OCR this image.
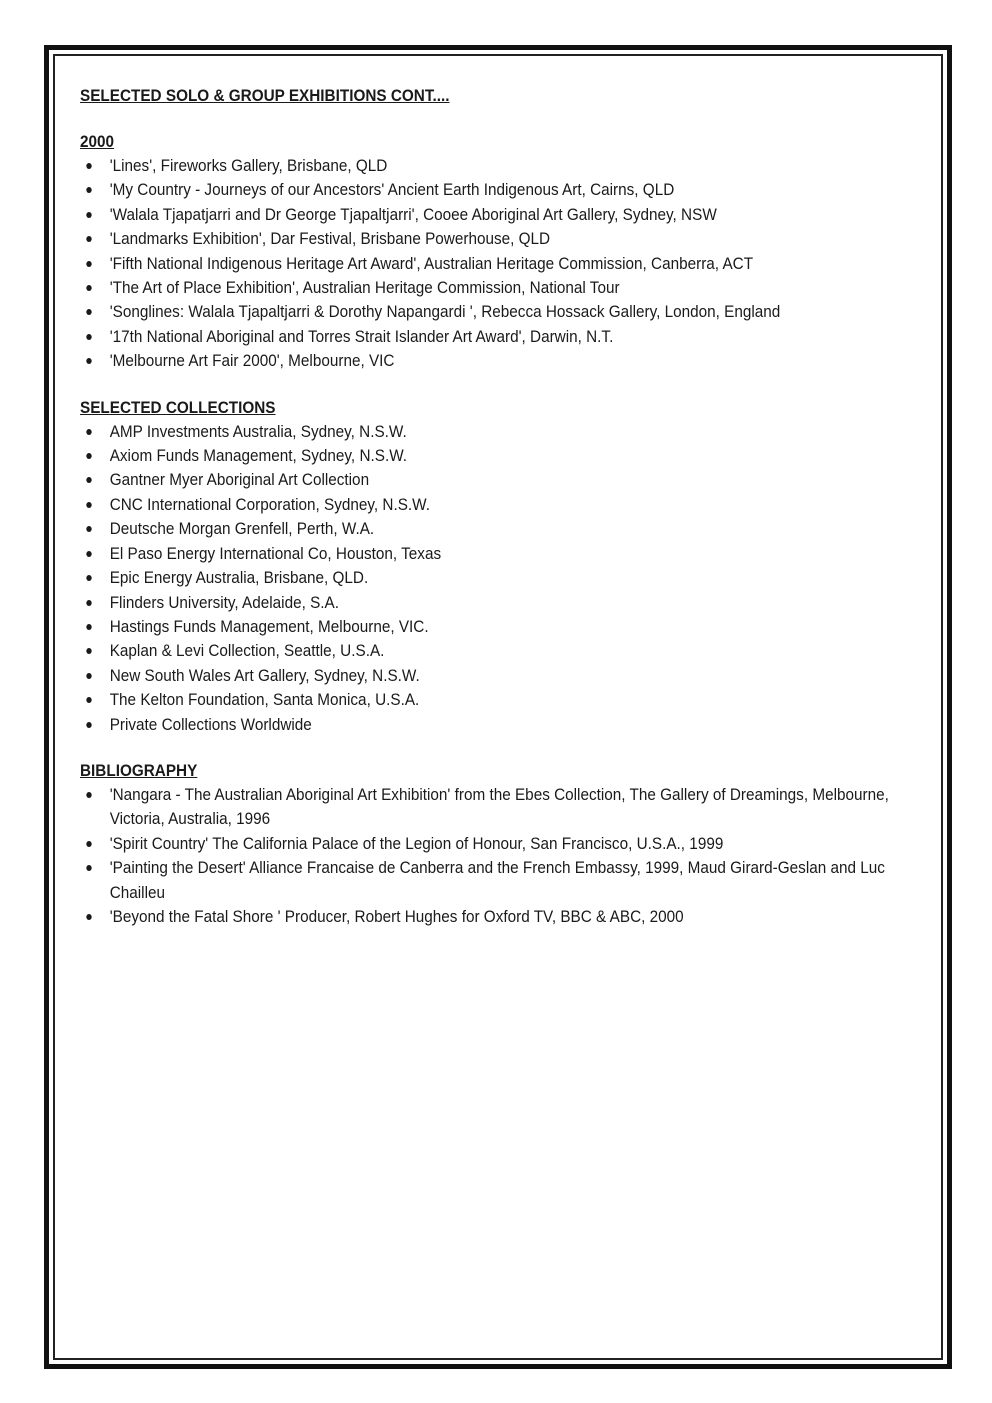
SELECTED SOLO & GROUP EXHIBITIONS CONT....
2000
'Lines', Fireworks Gallery, Brisbane, QLD
'My Country - Journeys of our Ancestors' Ancient Earth Indigenous Art, Cairns, QLD
'Walala Tjapatjarri and Dr George Tjapaltjarri', Cooee Aboriginal Art Gallery, Sydney, NSW
'Landmarks Exhibition', Dar Festival, Brisbane Powerhouse, QLD
'Fifth National Indigenous Heritage Art Award', Australian Heritage Commission, Canberra, ACT
'The Art of Place Exhibition', Australian Heritage Commission, National Tour
'Songlines: Walala Tjapaltjarri & Dorothy Napangardi ', Rebecca Hossack Gallery, London, England
'17th National Aboriginal and Torres Strait Islander Art Award', Darwin, N.T.
'Melbourne Art Fair 2000', Melbourne, VIC
SELECTED COLLECTIONS
AMP Investments Australia, Sydney, N.S.W.
Axiom Funds Management, Sydney, N.S.W.
Gantner Myer Aboriginal Art Collection
CNC International Corporation, Sydney, N.S.W.
Deutsche Morgan Grenfell, Perth, W.A.
El Paso Energy International Co, Houston, Texas
Epic Energy Australia, Brisbane, QLD.
Flinders University, Adelaide, S.A.
Hastings Funds Management, Melbourne, VIC.
Kaplan & Levi Collection, Seattle, U.S.A.
New South Wales Art Gallery, Sydney, N.S.W.
The Kelton Foundation, Santa Monica, U.S.A.
Private Collections Worldwide
BIBLIOGRAPHY
'Nangara - The Australian Aboriginal Art Exhibition' from the Ebes Collection, The Gallery of Dreamings, Melbourne, Victoria, Australia, 1996
'Spirit Country' The California Palace of the Legion of Honour, San Francisco, U.S.A., 1999
'Painting the Desert' Alliance Francaise de Canberra and the French Embassy, 1999, Maud Girard-Geslan and Luc Chailleu
'Beyond the Fatal Shore ' Producer, Robert Hughes for Oxford TV, BBC & ABC, 2000
